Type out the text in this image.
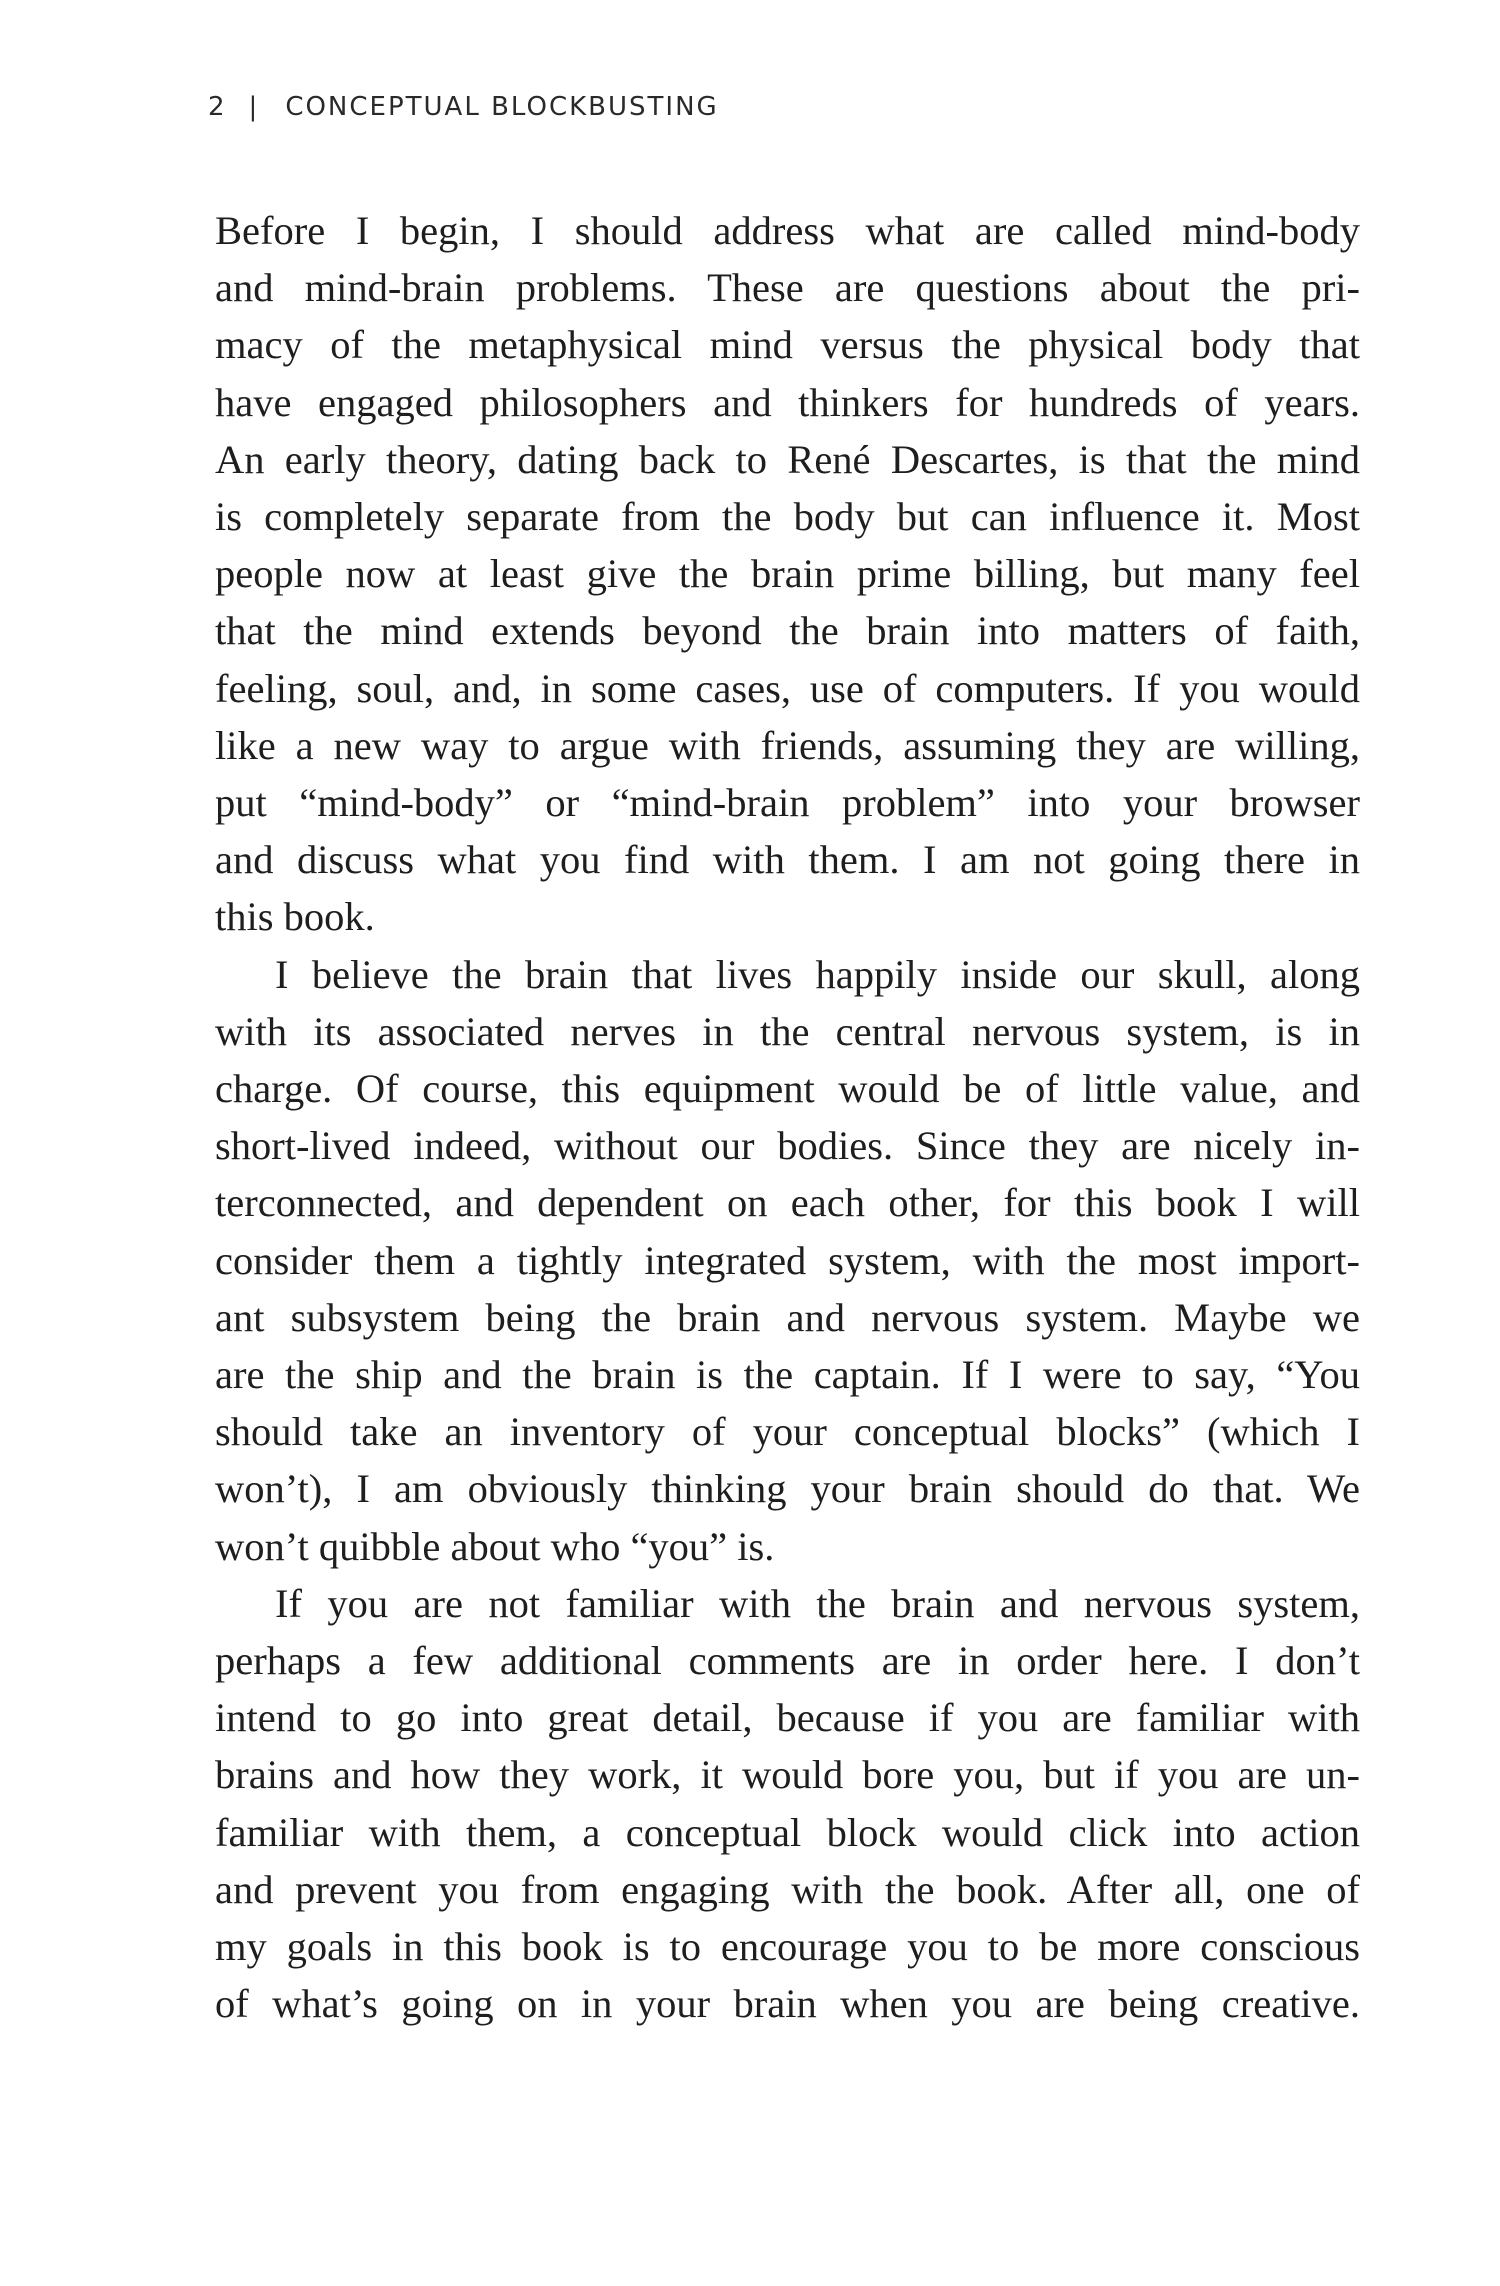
2 | CONCEPTUAL BLOCKBUSTING
Before I begin, I should address what are called mind-body
and mind-brain problems. These are questions about the pri-
macy of the metaphysical mind versus the physical body that
have engaged philosophers and thinkers for hundreds of years.
An early theory, dating back to René Descartes, is that the mind
is completely separate from the body but can influence it. Most
people now at least give the brain prime billing, but many feel
that the mind extends beyond the brain into matters of faith,
feeling, soul, and, in some cases, use of computers. If you would
like a new way to argue with friends, assuming they are willing,
put “mind-body” or “mind-brain problem” into your browser
and discuss what you find with them. I am not going there in
this book.
I believe the brain that lives happily inside our skull, along
with its associated nerves in the central nervous system, is in
charge. Of course, this equipment would be of little value, and
short-lived indeed, without our bodies. Since they are nicely in-
terconnected, and dependent on each other, for this book I will
consider them a tightly integrated system, with the most import-
ant subsystem being the brain and nervous system. Maybe we
are the ship and the brain is the captain. If I were to say, “You
should take an inventory of your conceptual blocks” (which I
won’t), I am obviously thinking your brain should do that. We
won’t quibble about who “you” is.
If you are not familiar with the brain and nervous system,
perhaps a few additional comments are in order here. I don’t
intend to go into great detail, because if you are familiar with
brains and how they work, it would bore you, but if you are un-
familiar with them, a conceptual block would click into action
and prevent you from engaging with the book. After all, one of
my goals in this book is to encourage you to be more conscious
of what’s going on in your brain when you are being creative.
